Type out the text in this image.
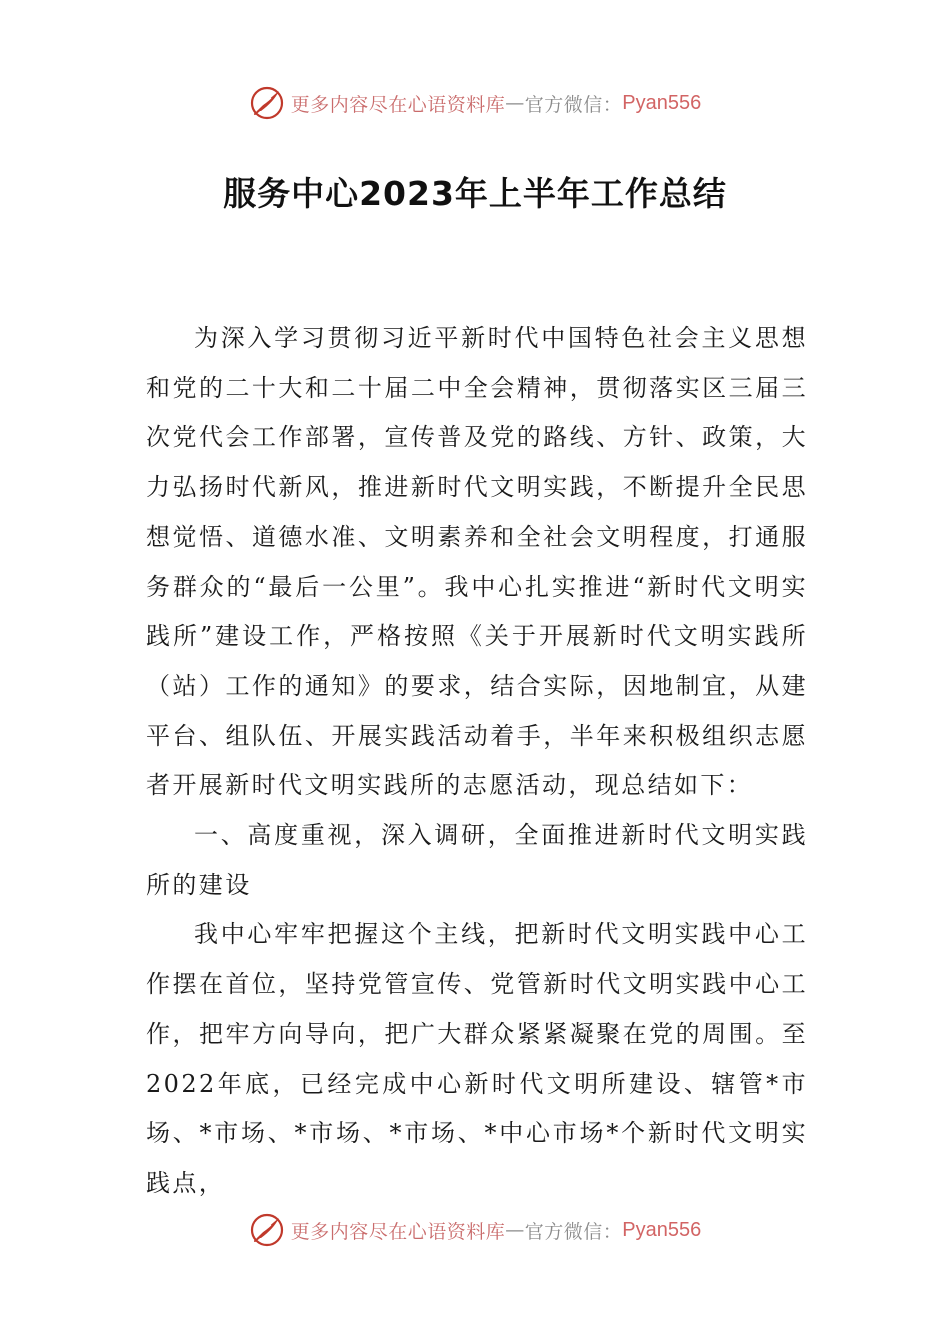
更多内容尽在心语资料库 — 官方微信： Pyan556
服务中心2023年上半年工作总结

为深入学习贯彻习近平新时代中国特色社会主义思想和党的二十大和二十届二中全会精神，贯彻落实区三届三次党代会工作部署，宣传普及党的路线、方针、政策，大力弘扬时代新风，推进新时代文明实践，不断提升全民思想觉悟、道德水准、文明素养和全社会文明程度，打通服务群众的“最后一公里”。我中心扎实推进“新时代文明实践所”建设工作，严格按照《关于开展新时代文明实践所（站）工作的通知》的要求，结合实际，因地制宜，从建平台、组队伍、开展实践活动着手，半年来积极组织志愿者开展新时代文明实践所的志愿活动，现总结如下：

一、高度重视，深入调研，全面推进新时代文明实践所的建设

我中心牢牢把握这个主线，把新时代文明实践中心工作摆在首位，坚持党管宣传、党管新时代文明实践中心工作，把牢方向导向，把广大群众紧紧凝聚在党的周围。至2022年底，已经完成中心新时代文明所建设、辖管*市场、*市场、*市场、*市场、*中心市场*个新时代文明实践点，

更多内容尽在心语资料库 — 官方微信： Pyan556
